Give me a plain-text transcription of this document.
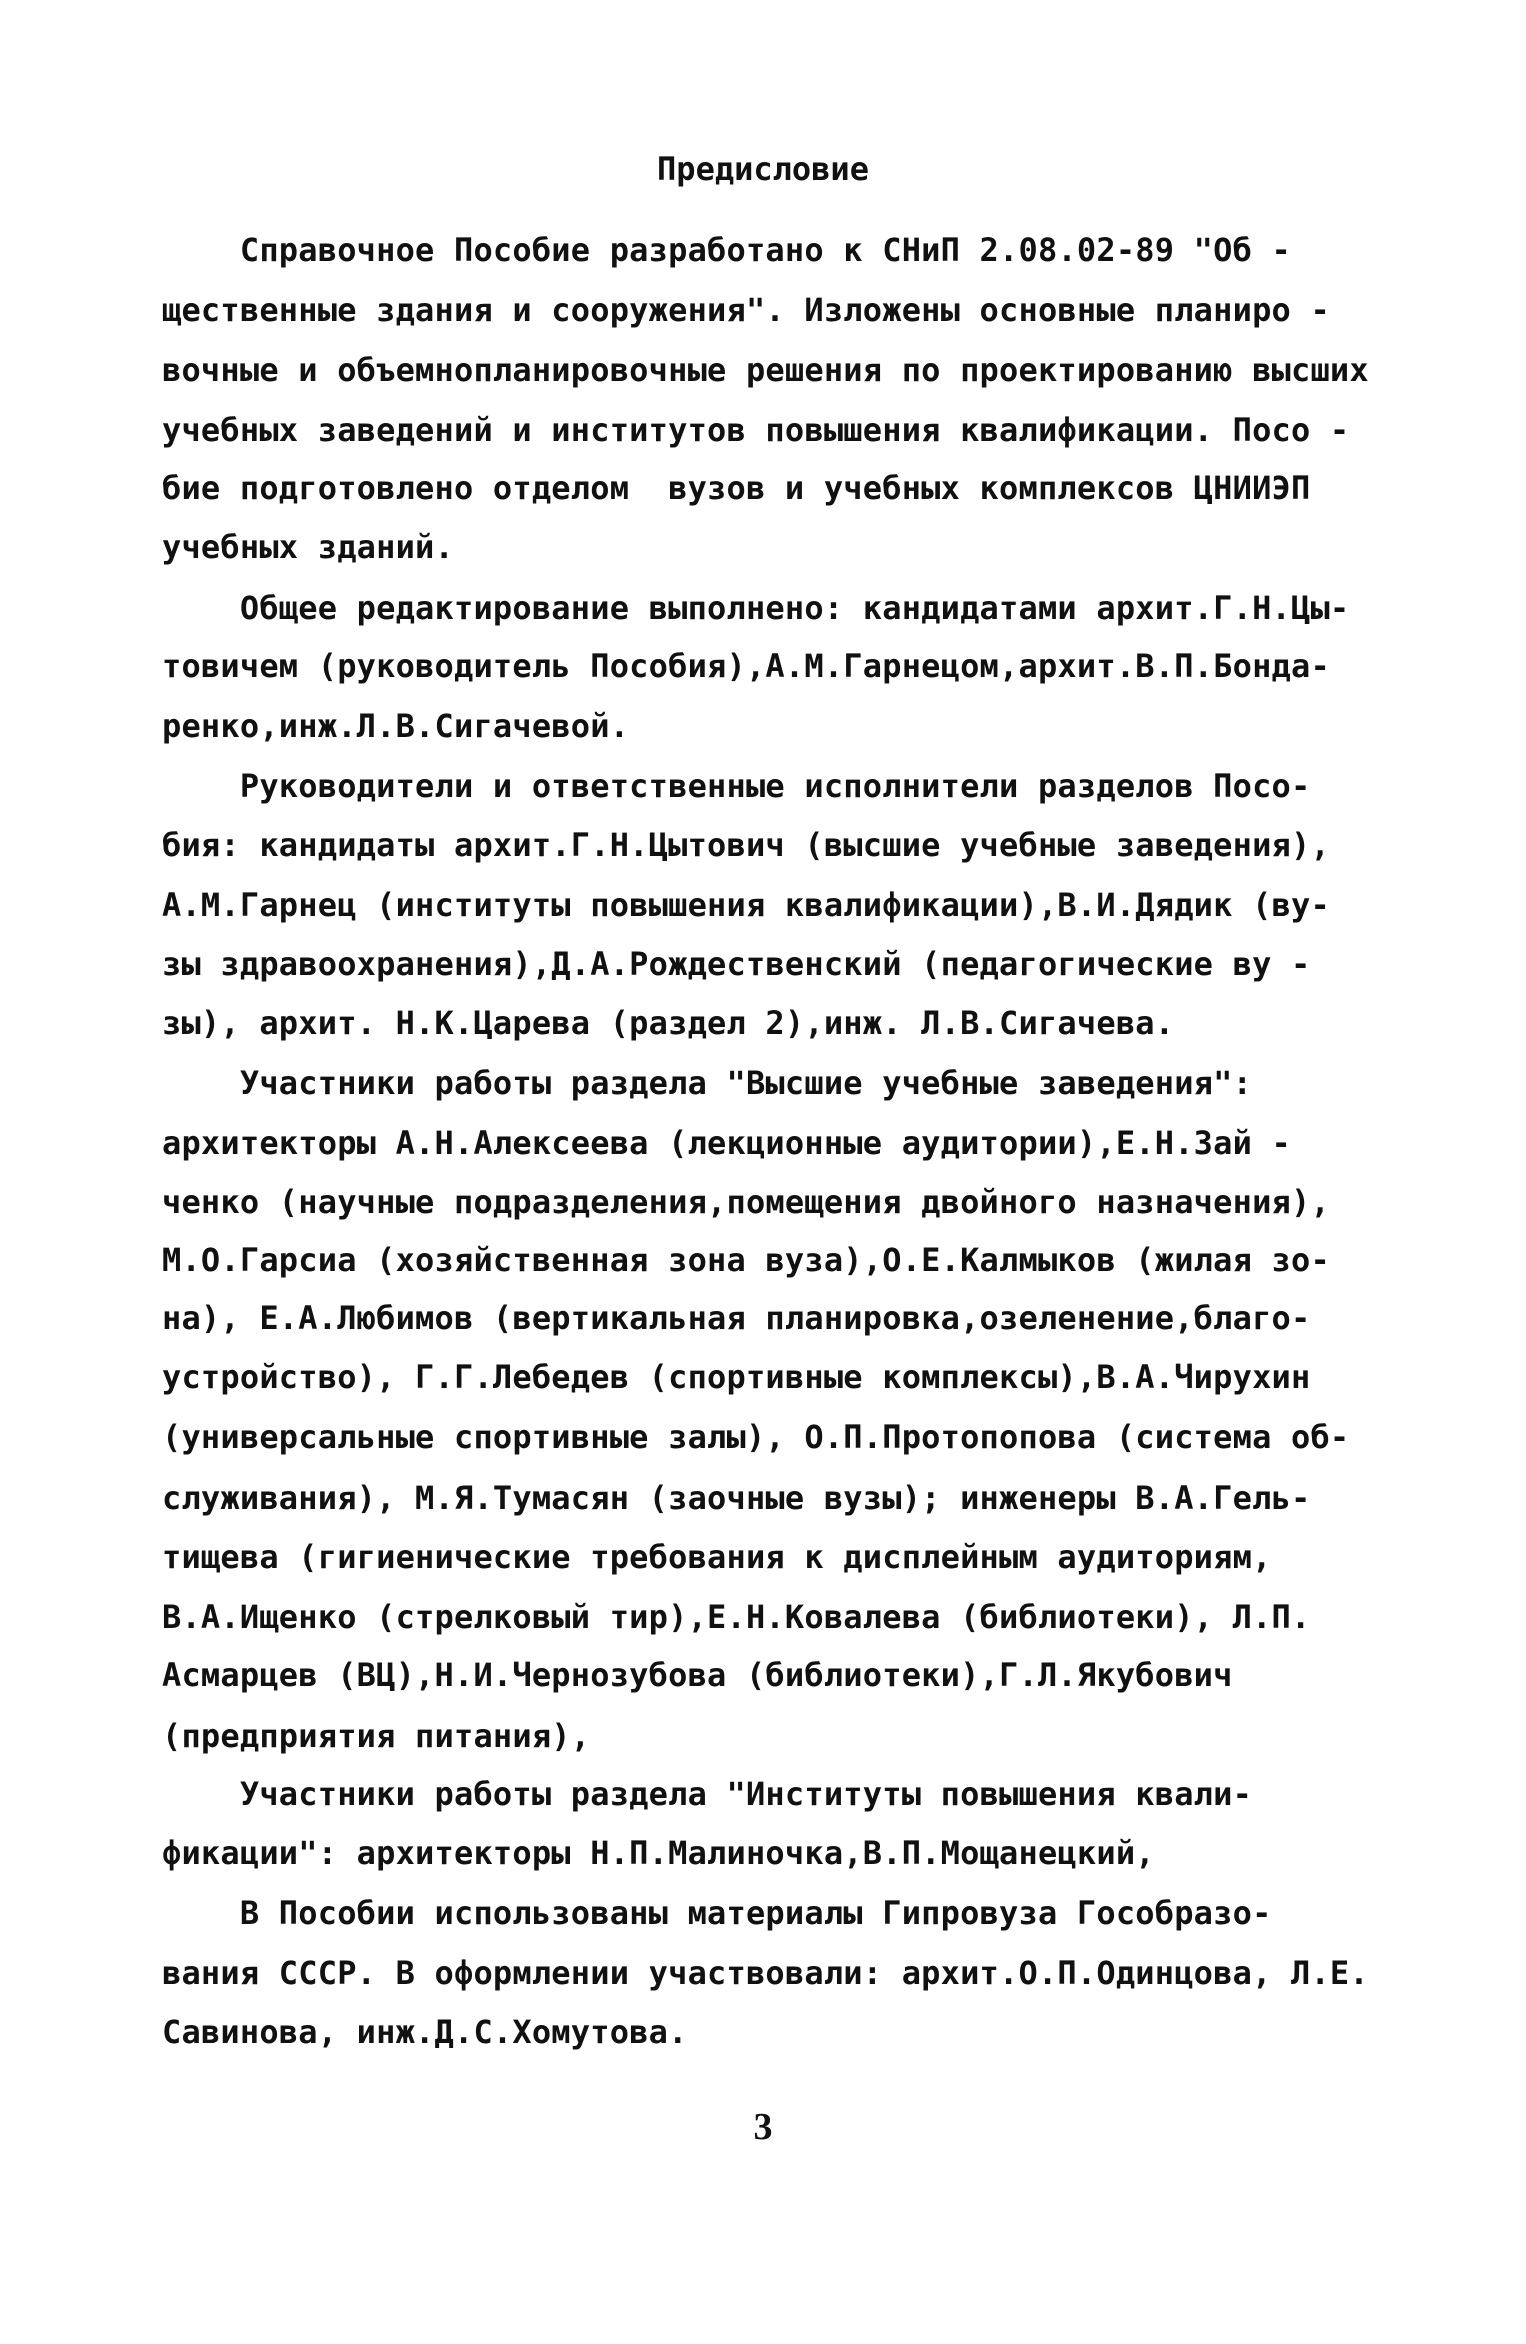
Предисловие
Справочное Пособие разработано к СНиП 2.08.02-89 "Об -
щественные здания и сооружения". Изложены основные планиро -
вочные и объемнопланировочные решения по проектированию высших
учебных заведений и институтов повышения квалификации. Посо -
бие подготовлено отделом  вузов и учебных комплексов ЦНИИЭП
учебных зданий.
Общее редактирование выполнено: кандидатами архит.Г.Н.Цы-
товичем (руководитель Пособия),А.М.Гарнецом,архит.В.П.Бонда-
ренко,инж.Л.В.Сигачевой.
Руководители и ответственные исполнители разделов Посо-
бия: кандидаты архит.Г.Н.Цытович (высшие учебные заведения),
А.М.Гарнец (институты повышения квалификации),В.И.Дядик (ву-
зы здравоохранения),Д.А.Рождественский (педагогические ву -
зы), архит. Н.К.Царева (раздел 2),инж. Л.В.Сигачева.
Участники работы раздела "Высшие учебные заведения":
архитекторы А.Н.Алексеева (лекционные аудитории),Е.Н.Зай -
ченко (научные подразделения,помещения двойного назначения),
М.О.Гарсиа (хозяйственная зона вуза),О.Е.Калмыков (жилая зо-
на), Е.А.Любимов (вертикальная планировка,озеленение,благо-
устройство), Г.Г.Лебедев (спортивные комплексы),В.А.Чирухин
(универсальные спортивные залы), О.П.Протопопова (система об-
служивания), М.Я.Тумасян (заочные вузы); инженеры В.А.Гель-
тищева (гигиенические требования к дисплейным аудиториям,
В.А.Ищенко (стрелковый тир),Е.Н.Ковалева (библиотеки), Л.П.
Асмарцев (ВЦ),Н.И.Чернозубова (библиотеки),Г.Л.Якубович
(предприятия питания),
Участники работы раздела "Институты повышения квали-
фикации": архитекторы Н.П.Малиночка,В.П.Мощанецкий,
В Пособии использованы материалы Гипровуза Гособразо-
вания СССР. В оформлении участвовали: архит.О.П.Одинцова, Л.Е.
Савинова, инж.Д.С.Хомутова.
3
